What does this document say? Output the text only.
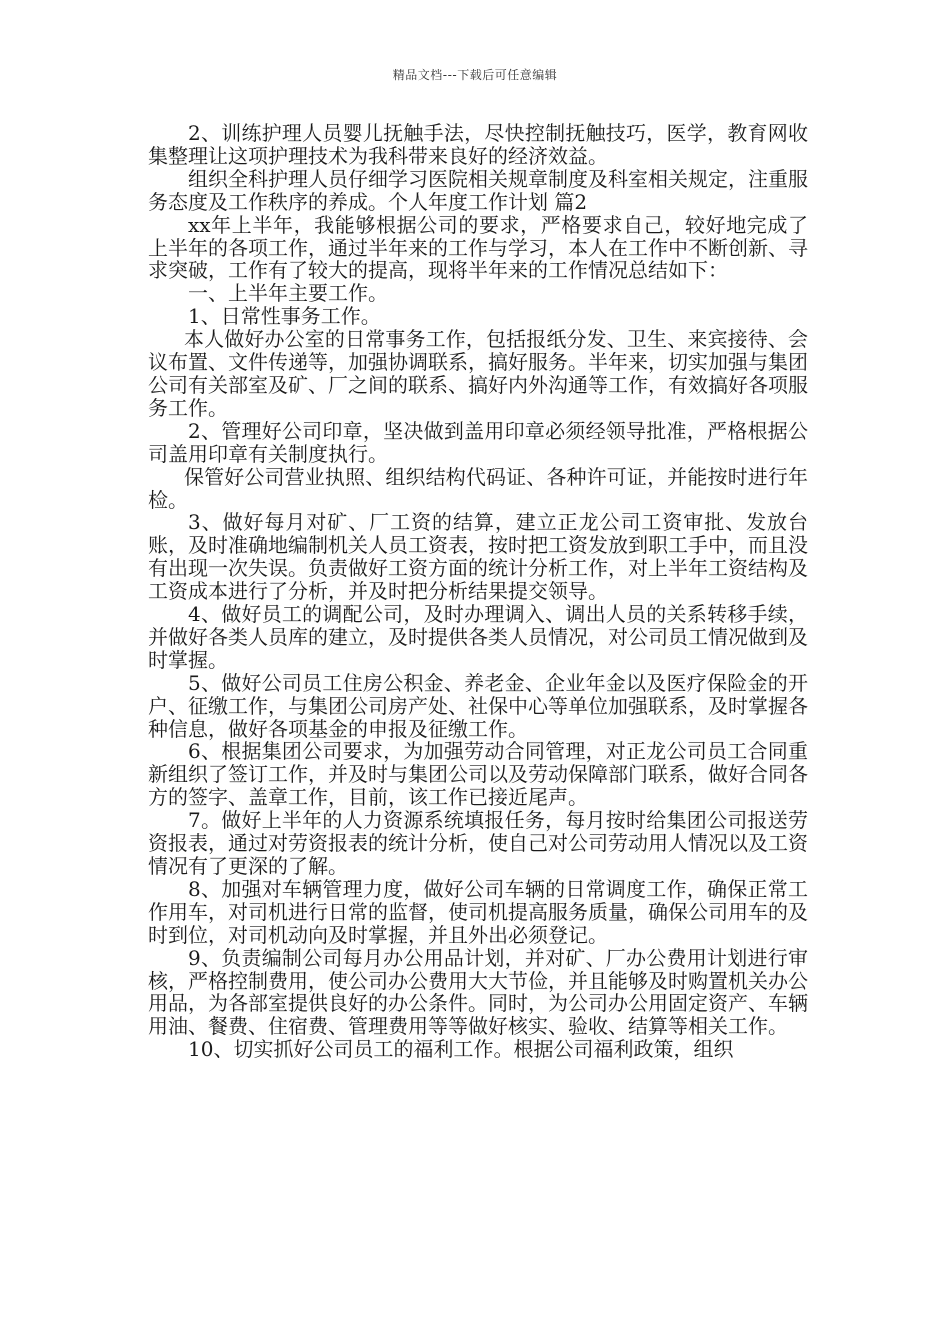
精品文档---下载后可任意编辑

2、训练护理人员婴儿抚触手法，尽快控制抚触技巧，医学，教育网收集整理让这项护理技术为我科带来良好的经济效益。

组织全科护理人员仔细学习医院相关规章制度及科室相关规定，注重服务态度及工作秩序的养成。个人年度工作计划 篇2

xx年上半年，我能够根据公司的要求，严格要求自己，较好地完成了上半年的各项工作，通过半年来的工作与学习，本人在工作中不断创新、寻求突破，工作有了较大的提高，现将半年来的工作情况总结如下：

一、上半年主要工作。

1、日常性事务工作。

本人做好办公室的日常事务工作，包括报纸分发、卫生、来宾接待、会议布置、文件传递等，加强协调联系，搞好服务。半年来，切实加强与集团公司有关部室及矿、厂之间的联系、搞好内外沟通等工作，有效搞好各项服务工作。

2、管理好公司印章，坚决做到盖用印章必须经领导批准，严格根据公司盖用印章有关制度执行。

保管好公司营业执照、组织结构代码证、各种许可证，并能按时进行年检。

3、做好每月对矿、厂工资的结算，建立正龙公司工资审批、发放台账，及时准确地编制机关人员工资表，按时把工资发放到职工手中，而且没有出现一次失误。负责做好工资方面的统计分析工作，对上半年工资结构及工资成本进行了分析，并及时把分析结果提交领导。

4、做好员工的调配公司，及时办理调入、调出人员的关系转移手续，并做好各类人员库的建立，及时提供各类人员情况，对公司员工情况做到及时掌握。

5、做好公司员工住房公积金、养老金、企业年金以及医疗保险金的开户、征缴工作，与集团公司房产处、社保中心等单位加强联系，及时掌握各种信息，做好各项基金的申报及征缴工作。

6、根据集团公司要求，为加强劳动合同管理，对正龙公司员工合同重新组织了签订工作，并及时与集团公司以及劳动保障部门联系，做好合同各方的签字、盖章工作，目前，该工作已接近尾声。

7。做好上半年的人力资源系统填报任务，每月按时给集团公司报送劳资报表，通过对劳资报表的统计分析，使自己对公司劳动用人情况以及工资情况有了更深的了解。

8、加强对车辆管理力度，做好公司车辆的日常调度工作，确保正常工作用车，对司机进行日常的监督，使司机提高服务质量，确保公司用车的及时到位，对司机动向及时掌握，并且外出必须登记。

9、负责编制公司每月办公用品计划，并对矿、厂办公费用计划进行审核，严格控制费用，使公司办公费用大大节俭，并且能够及时购置机关办公用品，为各部室提供良好的办公条件。同时，为公司办公用固定资产、车辆用油、餐费、住宿费、管理费用等等做好核实、验收、结算等相关工作。

10、切实抓好公司员工的福利工作。根据公司福利政策，组织
